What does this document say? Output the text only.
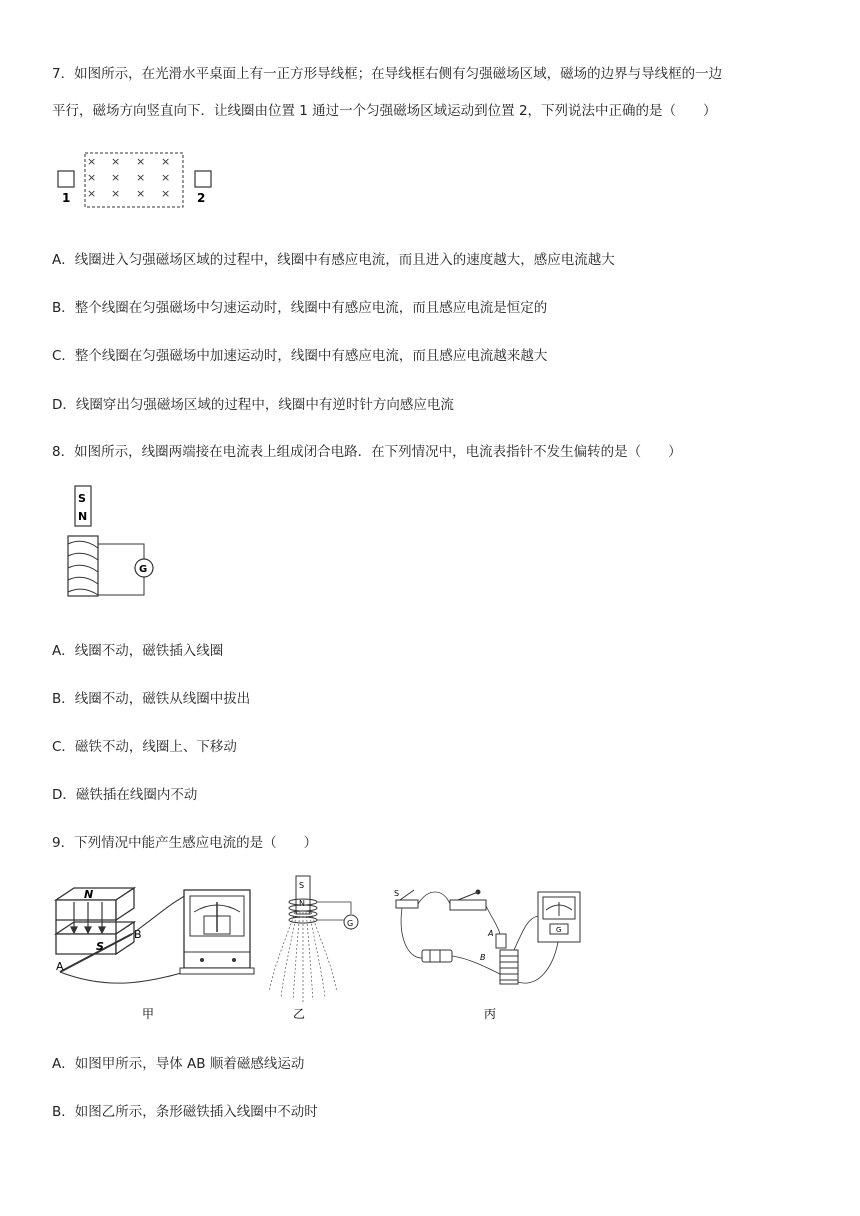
7．如图所示，在光滑水平桌面上有一正方形导线框；在导线框右侧有匀强磁场区域，磁场的边界与导线框的一边
平行，磁场方向竖直向下．让线圈由位置 1 通过一个匀强磁场区域运动到位置 2，下列说法中正确的是（　　）
1
× × × ×
× × × ×
× × × × 2
A．线圈进入匀强磁场区域的过程中，线圈中有感应电流，而且进入的速度越大，感应电流越大
B．整个线圈在匀强磁场中匀速运动时，线圈中有感应电流，而且感应电流是恒定的
C．整个线圈在匀强磁场中加速运动时，线圈中有感应电流，而且感应电流越来越大
D．线圈穿出匀强磁场区域的过程中，线圈中有逆时针方向感应电流
8．如图所示，线圈两端接在电流表上组成闭合电路．在下列情况中，电流表指针不发生偏转的是（　　）
S
N
G
A．线圈不动，磁铁插入线圈
B．线圈不动，磁铁从线圈中拔出
C．磁铁不动，线圈上、下移动
D．磁铁插在线圈内不动
9．下列情况中能产生感应电流的是（　　）
N
S
A
B
甲
S
N
G
乙
S
A
B
G
丙
A．如图甲所示，导体 AB 顺着磁感线运动
B．如图乙所示，条形磁铁插入线圈中不动时
